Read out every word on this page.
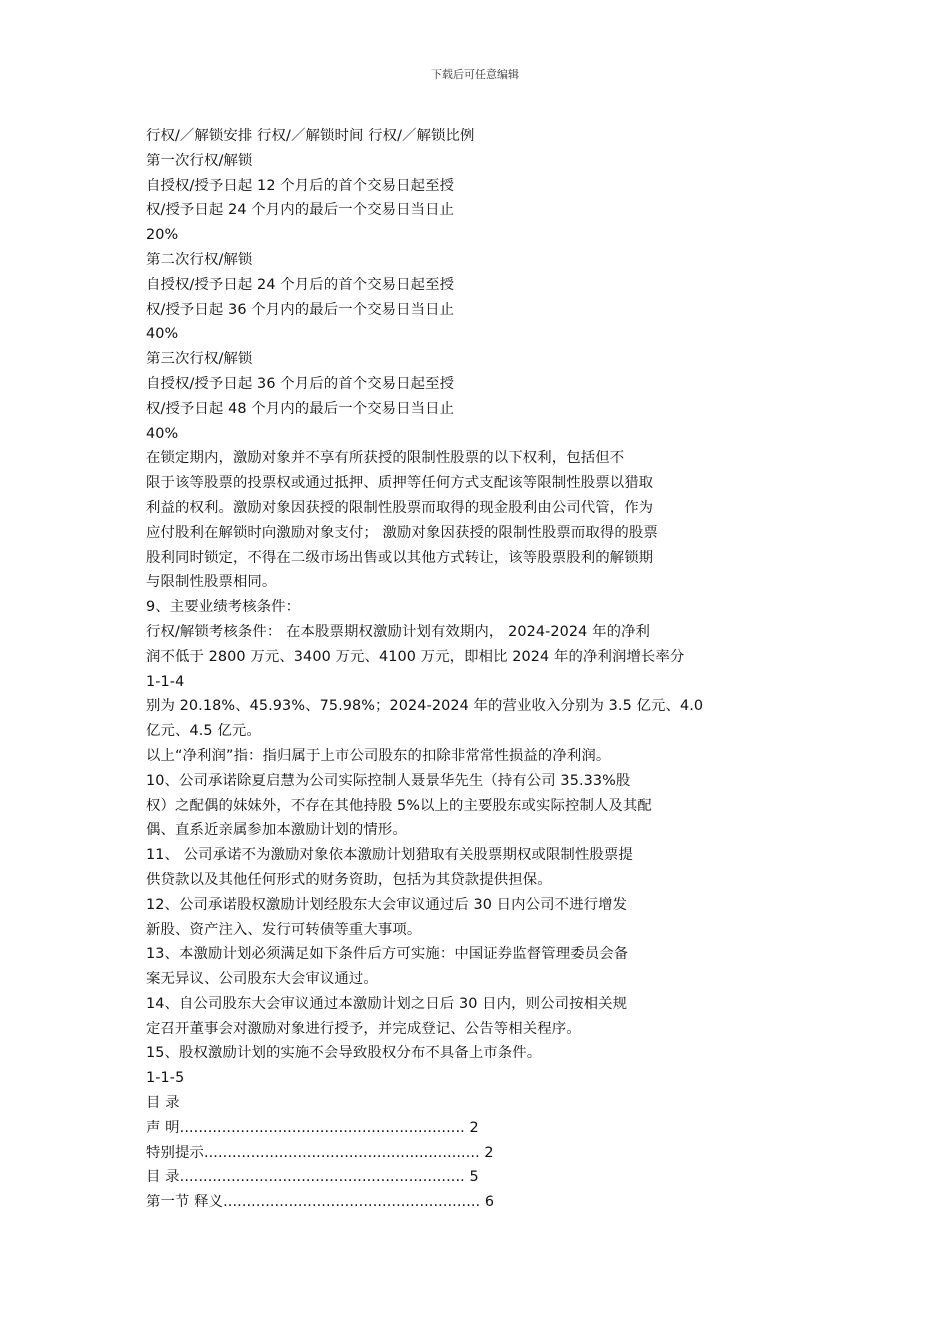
下载后可任意编辑
行权/／解锁安排 行权/／解锁时间 行权/／解锁比例
第一次行权/解锁
自授权/授予日起 12 个月后的首个交易日起至授
权/授予日起 24 个月内的最后一个交易日当日止
20%
第二次行权/解锁
自授权/授予日起 24 个月后的首个交易日起至授
权/授予日起 36 个月内的最后一个交易日当日止
40%
第三次行权/解锁
自授权/授予日起 36 个月后的首个交易日起至授
权/授予日起 48 个月内的最后一个交易日当日止
40%
在锁定期内，激励对象并不享有所获授的限制性股票的以下权利，包括但不
限于该等股票的投票权或通过抵押、质押等任何方式支配该等限制性股票以猎取
利益的权利。激励对象因获授的限制性股票而取得的现金股利由公司代管，作为
应付股利在解锁时向激励对象支付； 激励对象因获授的限制性股票而取得的股票
股利同时锁定，不得在二级市场出售或以其他方式转让，该等股票股利的解锁期
与限制性股票相同。
9、主要业绩考核条件：
行权/解锁考核条件： 在本股票期权激励计划有效期内， 2024-2024 年的净利
润不低于 2800 万元、3400 万元、4100 万元，即相比 2024 年的净利润增长率分
1-1-4
别为 20.18%、45.93%、75.98%；2024-2024 年的营业收入分别为 3.5 亿元、4.0
亿元、4.5 亿元。
以上“净利润”指：指归属于上市公司股东的扣除非常常性损益的净利润。
10、公司承诺除夏启慧为公司实际控制人聂景华先生（持有公司 35.33%股
权）之配偶的妹妹外，不存在其他持股 5%以上的主要股东或实际控制人及其配
偶、直系近亲属参加本激励计划的情形。
11、 公司承诺不为激励对象依本激励计划猎取有关股票期权或限制性股票提
供贷款以及其他任何形式的财务资助，包括为其贷款提供担保。
12、公司承诺股权激励计划经股东大会审议通过后 30 日内公司不进行增发
新股、资产注入、发行可转债等重大事项。
13、本激励计划必须满足如下条件后方可实施：中国证券监督管理委员会备
案无异议、公司股东大会审议通过。
14、自公司股东大会审议通过本激励计划之日后 30 日内，则公司按相关规
定召开董事会对激励对象进行授予，并完成登记、公告等相关程序。
15、股权激励计划的实施不会导致股权分布不具备上市条件。
1-1-5
目 录
声 明............................................................. 2
特别提示........................................................... 2
目 录............................................................. 5
第一节 释义....................................................... 6
